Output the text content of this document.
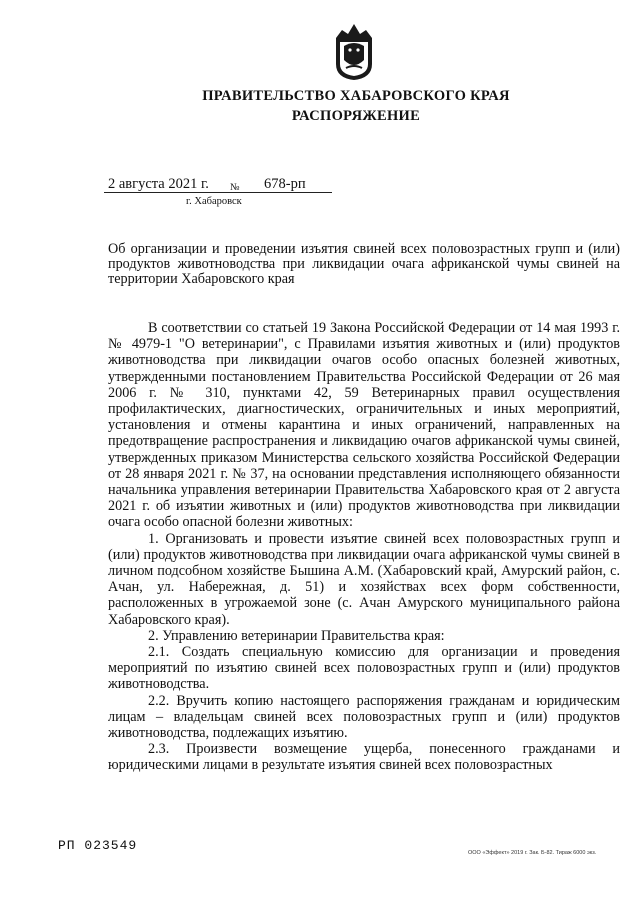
ПРАВИТЕЛЬСТВО ХАБАРОВСКОГО КРАЯ
РАСПОРЯЖЕНИЕ
2 августа 2021 г. № 678-рп
г. Хабаровск
Об организации и проведении изъятия свиней всех половозрастных групп и (или) продуктов животноводства при ликвидации очага африканской чумы свиней на территории Хабаровского края

В соответствии со статьей 19 Закона Российской Федерации от 14 мая 1993 г. № 4979-1 "О ветеринарии", с Правилами изъятия животных и (или) продуктов животноводства при ликвидации очагов особо опасных болезней животных, утвержденными постановлением Правительства Российской Федерации от 26 мая 2006 г. № 310, пунктами 42, 59 Ветеринарных правил осуществления профилактических, диагностических, ограничительных и иных мероприятий, установления и отмены карантина и иных ограничений, направленных на предотвращение распространения и ликвидацию очагов африканской чумы свиней, утвержденных приказом Министерства сельского хозяйства Российской Федерации от 28 января 2021 г. № 37, на основании представления исполняющего обязанности начальника управления ветеринарии Правительства Хабаровского края от 2 августа 2021 г. об изъятии животных и (или) продуктов животноводства при ликвидации очага особо опасной болезни животных:

1. Организовать и провести изъятие свиней всех половозрастных групп и (или) продуктов животноводства при ликвидации очага африканской чумы свиней в личном подсобном хозяйстве Бышина А.М. (Хабаровский край, Амурский район, с. Ачан, ул. Набережная, д. 51) и хозяйствах всех форм собственности, расположенных в угрожаемой зоне (с. Ачан Амурского муниципального района Хабаровского края).

2. Управлению ветеринарии Правительства края:

2.1. Создать специальную комиссию для организации и проведения мероприятий по изъятию свиней всех половозрастных групп и (или) продуктов животноводства.

2.2. Вручить копию настоящего распоряжения гражданам и юридическим лицам – владельцам свиней всех половозрастных групп и (или) продуктов животноводства, подлежащих изъятию.

2.3. Произвести возмещение ущерба, понесенного гражданами и юридическими лицами в результате изъятия свиней всех половозрастных

РП 023549	ООО «Эффект» 2019 г. Зак. Б-82. Тираж 6000 экз.
